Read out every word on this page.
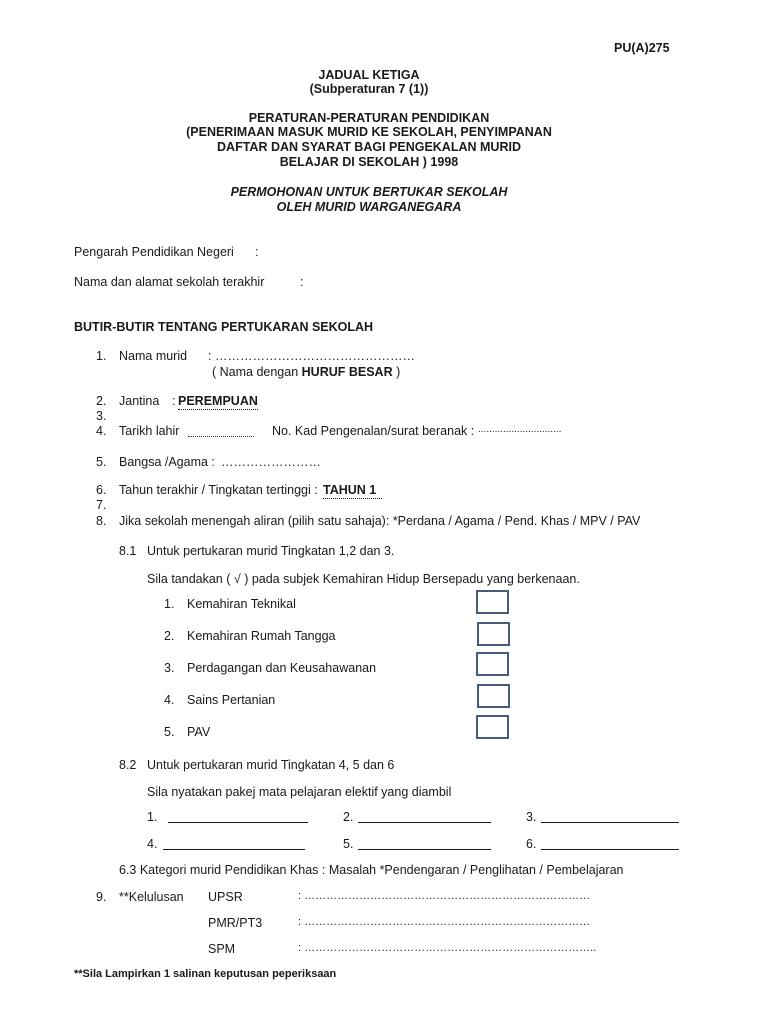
PU(A)275
JADUAL KETIGA
(Subperaturan 7 (1))
PERATURAN-PERATURAN PENDIDIKAN
(PENERIMAAN MASUK MURID KE SEKOLAH, PENYIMPANAN
DAFTAR DAN SYARAT BAGI PENGEKALAN MURID
BELAJAR DI SEKOLAH ) 1998
PERMOHONAN UNTUK BERTUKAR SEKOLAH
OLEH MURID WARGANEGARA
Pengarah Pendidikan Negeri :
Nama dan alamat sekolah terakhir	:
BUTIR-BUTIR TENTANG PERTUKARAN SEKOLAH
1. Nama murid : …………………………………………
( Nama dengan HURUF BESAR )
2. Jantina : PEREMPUAN
3.
4. Tarikh lahir	No. Kad Pengenalan/surat beranak : ..............................
5. Bangsa /Agama : ……………………
6. Tahun terakhir / Tingkatan tertinggi : TAHUN 1
7.
8. Jika sekolah menengah aliran (pilih satu sahaja): *Perdana / Agama / Pend. Khas / MPV / PAV
8.1 Untuk pertukaran murid Tingkatan 1,2 dan 3.
Sila tandakan ( √ ) pada subjek Kemahiran Hidup Bersepadu yang berkenaan.
1. Kemahiran Teknikal
2. Kemahiran Rumah Tangga
3. Perdagangan dan Keusahawanan
4. Sains Pertanian
5. PAV
8.2 Untuk pertukaran murid Tingkatan 4, 5 dan 6
Sila nyatakan pakej mata pelajaran elektif yang diambil
1.	2.	3.
4.	5.	6.
6.3 Kategori murid Pendidikan Khas : Masalah *Pendengaran / Penglihatan / Pembelajaran
9. **Kelulusan UPSR	: ……………………………………………………………………
PMR/PT3	: ……………………………………………………………………
SPM	: ……………………………………………………………………..
**Sila Lampirkan 1 salinan keputusan peperiksaan
